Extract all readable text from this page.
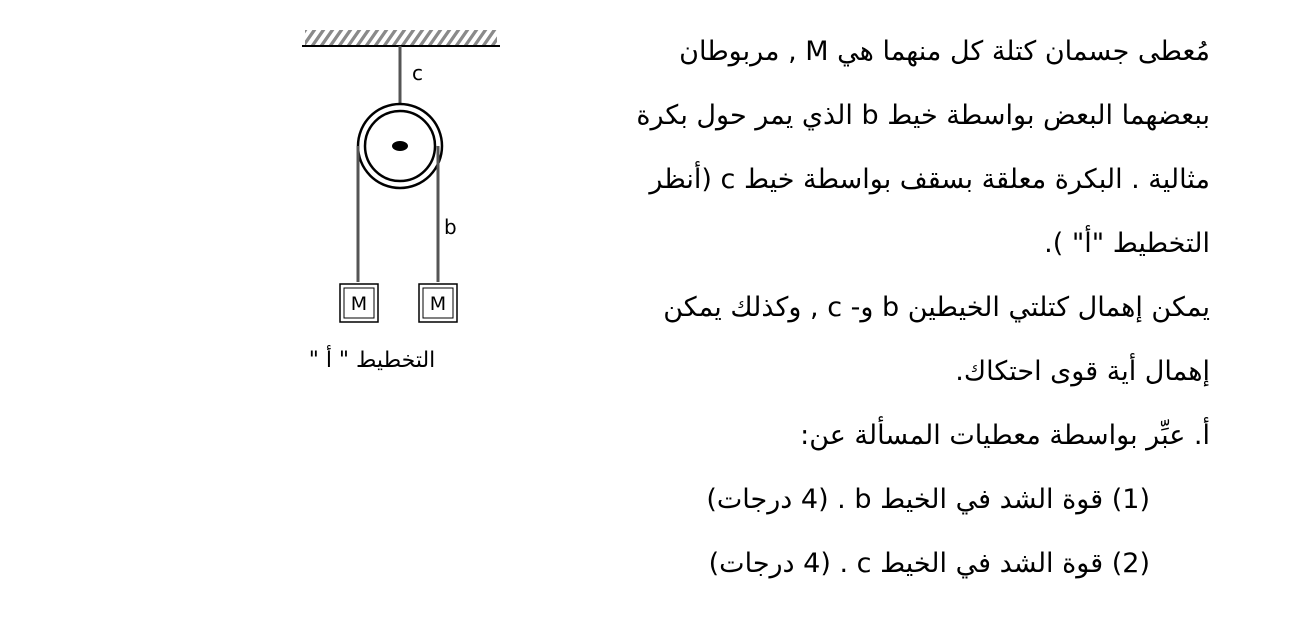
c
b
M	M
التخطيط " أ "
مُعطى جسمان كتلة كل منهما هي M , مربوطان
ببعضهما البعض بواسطة خيط b الذي يمر حول بكرة
مثالية . البكرة معلقة بسقف بواسطة خيط c (أنظر
التخطيط "أ" ).
يمكن إهمال كتلتي الخيطين b و- c , وكذلك يمكن
إهمال أية قوى احتكاك.
أ. عبِّر بواسطة معطيات المسألة عن:
(1) قوة الشد في الخيط b . (4 درجات)
(2) قوة الشد في الخيط c . (4 درجات)
